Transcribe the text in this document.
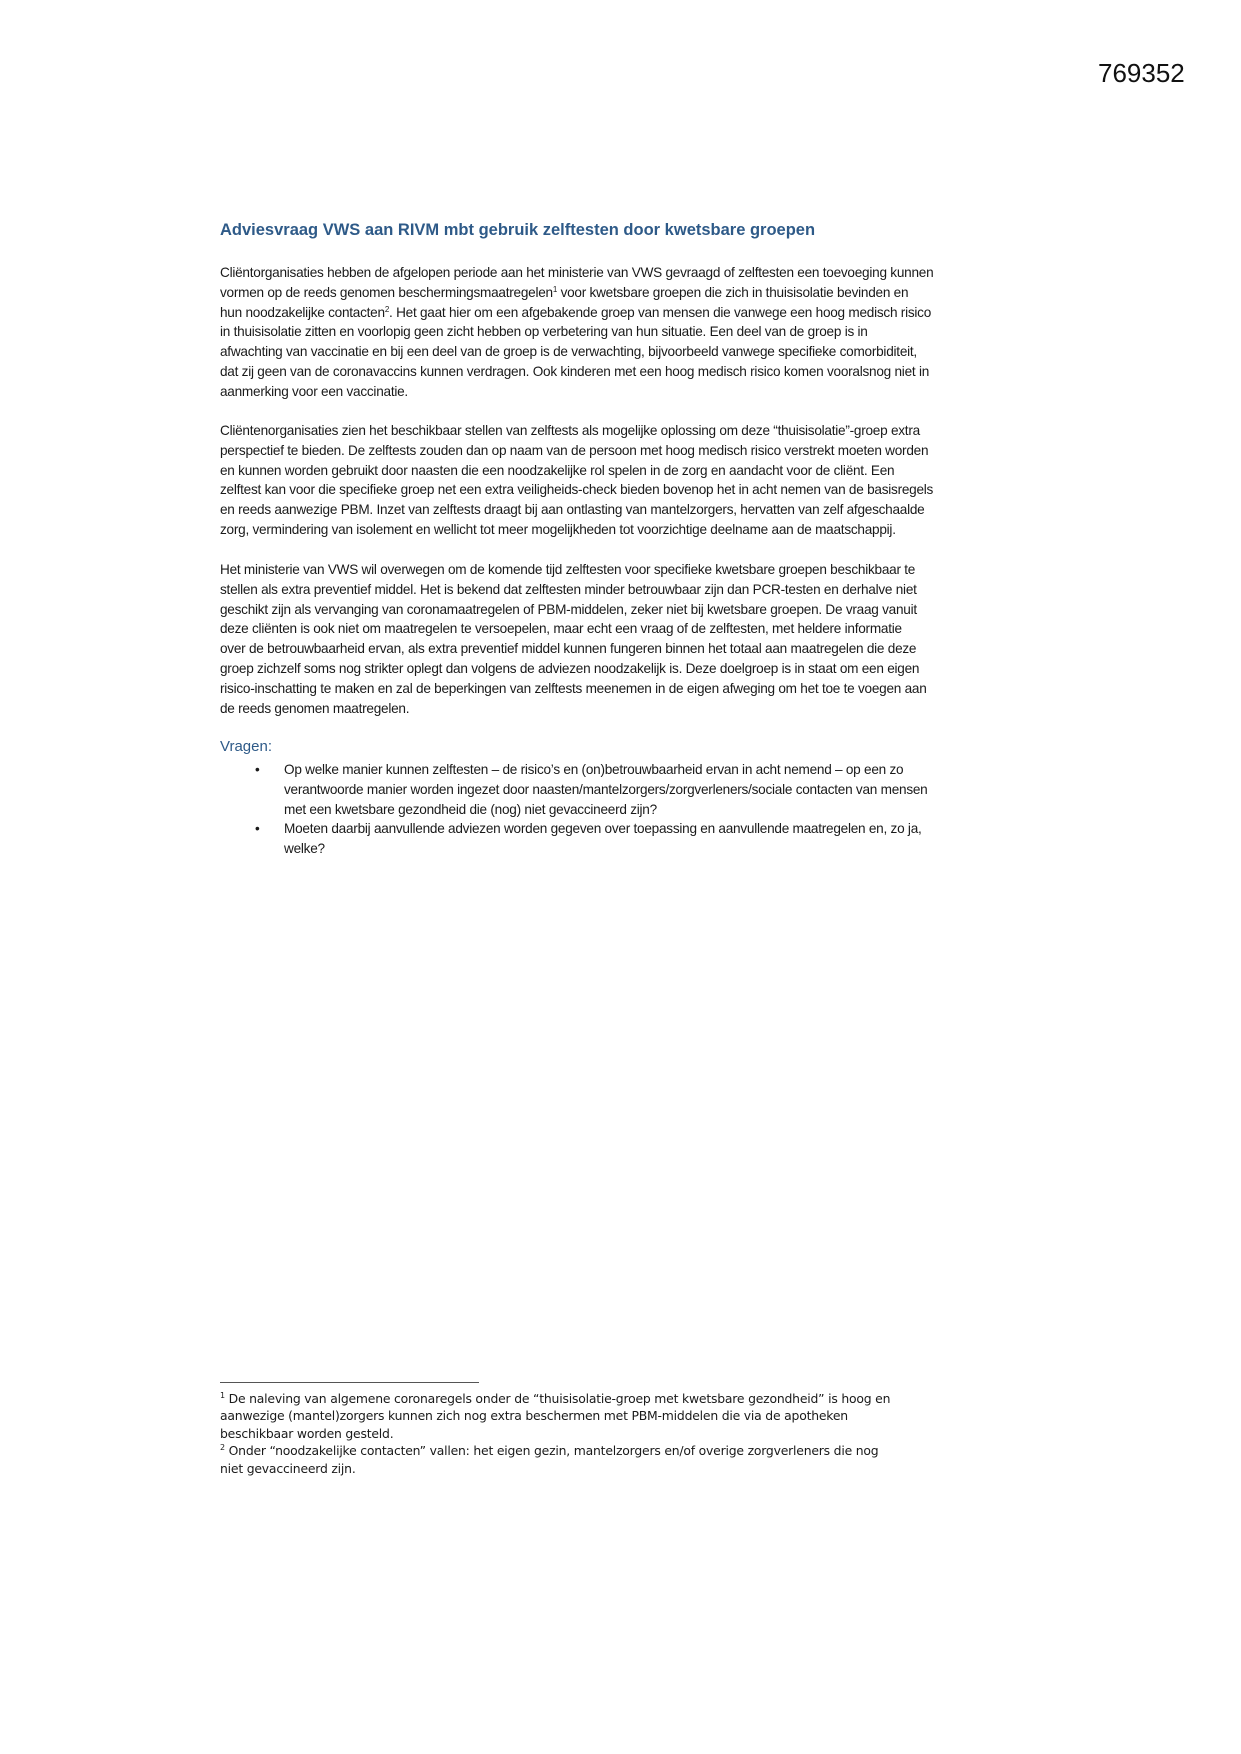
769352
Adviesvraag VWS aan RIVM mbt gebruik zelftesten door kwetsbare groepen
Cliëntorganisaties hebben de afgelopen periode aan het ministerie van VWS gevraagd of zelftesten een toevoeging kunnen
vormen op de reeds genomen beschermingsmaatregelen$^1$ voor kwetsbare groepen die zich in thuisisolatie bevinden en
hun noodzakelijke contacten$^2$. Het gaat hier om een afgebakende groep van mensen die vanwege een hoog medisch risico
in thuisisolatie zitten en voorlopig geen zicht hebben op verbetering van hun situatie. Een deel van de groep is in
afwachting van vaccinatie en bij een deel van de groep is de verwachting, bijvoorbeeld vanwege specifieke comorbiditeit,
dat zij geen van de coronavaccins kunnen verdragen. Ook kinderen met een hoog medisch risico komen vooralsnog niet in
aanmerking voor een vaccinatie.
Cliëntenorganisaties zien het beschikbaar stellen van zelftests als mogelijke oplossing om deze “thuisisolatie”-groep extra
perspectief te bieden. De zelftests zouden dan op naam van de persoon met hoog medisch risico verstrekt moeten worden
en kunnen worden gebruikt door naasten die een noodzakelijke rol spelen in de zorg en aandacht voor de cliënt. Een
zelftest kan voor die specifieke groep net een extra veiligheids-check bieden bovenop het in acht nemen van de basisregels
en reeds aanwezige PBM. Inzet van zelftests draagt bij aan ontlasting van mantelzorgers, hervatten van zelf afgeschaalde
zorg, vermindering van isolement en wellicht tot meer mogelijkheden tot voorzichtige deelname aan de maatschappij.
Het ministerie van VWS wil overwegen om de komende tijd zelftesten voor specifieke kwetsbare groepen beschikbaar te
stellen als extra preventief middel. Het is bekend dat zelftesten minder betrouwbaar zijn dan PCR-testen en derhalve niet
geschikt zijn als vervanging van coronamaatregelen of PBM-middelen, zeker niet bij kwetsbare groepen. De vraag vanuit
deze cliënten is ook niet om maatregelen te versoepelen, maar echt een vraag of de zelftesten, met heldere informatie
over de betrouwbaarheid ervan, als extra preventief middel kunnen fungeren binnen het totaal aan maatregelen die deze
groep zichzelf soms nog strikter oplegt dan volgens de adviezen noodzakelijk is. Deze doelgroep is in staat om een eigen
risico-inschatting te maken en zal de beperkingen van zelftests meenemen in de eigen afweging om het toe te voegen aan
de reeds genomen maatregelen.
Vragen:
• Op welke manier kunnen zelftesten – de risico’s en (on)betrouwbaarheid ervan in acht nemend – op een zo
verantwoorde manier worden ingezet door naasten/mantelzorgers/zorgverleners/sociale contacten van mensen
met een kwetsbare gezondheid die (nog) niet gevaccineerd zijn?
• Moeten daarbij aanvullende adviezen worden gegeven over toepassing en aanvullende maatregelen en, zo ja,
welke?
$^1$ De naleving van algemene coronaregels onder de “thuisisolatie-groep met kwetsbare gezondheid” is hoog en
aanwezige (mantel)zorgers kunnen zich nog extra beschermen met PBM-middelen die via de apotheken
beschikbaar worden gesteld.
$^2$ Onder “noodzakelijke contacten” vallen: het eigen gezin, mantelzorgers en/of overige zorgverleners die nog
niet gevaccineerd zijn.
